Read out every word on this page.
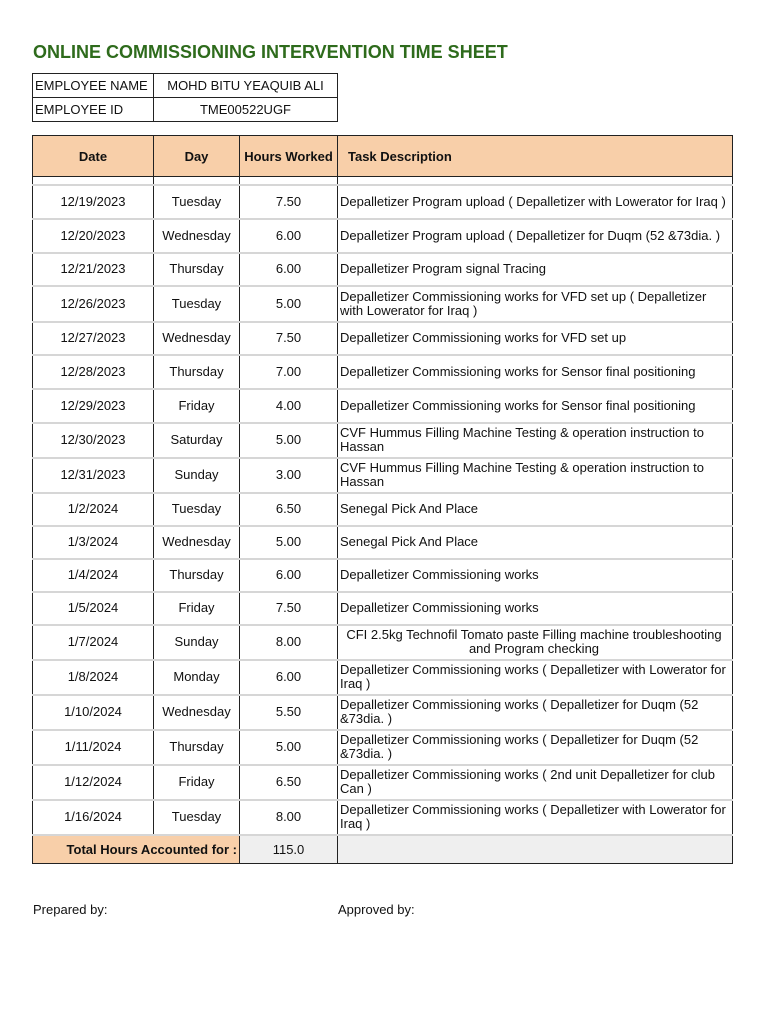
ONLINE COMMISSIONING INTERVENTION TIME SHEET
EMPLOYEE NAME	MOHD BITU YEAQUIB ALI
EMPLOYEE ID	TME00522UGF
Date	Day	Hours Worked	Task Description

12/19/2023	Tuesday	7.50	Depalletizer Program upload ( Depalletizer with Lowerator for Iraq )
12/20/2023	Wednesday	6.00	Depalletizer Program upload ( Depalletizer for Duqm (52 &73dia. )
12/21/2023	Thursday	6.00	Depalletizer Program signal Tracing
12/26/2023	Tuesday	5.00	Depalletizer Commissioning works for VFD set up ( Depalletizer with Lowerator for Iraq )
12/27/2023	Wednesday	7.50	Depalletizer Commissioning works for VFD set up
12/28/2023	Thursday	7.00	Depalletizer Commissioning works for Sensor final positioning
12/29/2023	Friday	4.00	Depalletizer Commissioning works for Sensor final positioning
12/30/2023	Saturday	5.00	CVF Hummus Filling Machine Testing & operation instruction to Hassan
12/31/2023	Sunday	3.00	CVF Hummus Filling Machine Testing & operation instruction to Hassan
1/2/2024	Tuesday	6.50	Senegal Pick And Place
1/3/2024	Wednesday	5.00	Senegal Pick And Place
1/4/2024	Thursday	6.00	Depalletizer Commissioning works
1/5/2024	Friday	7.50	Depalletizer Commissioning works
1/7/2024	Sunday	8.00	CFI 2.5kg Technofil Tomato paste Filling machine troubleshooting and Program checking
1/8/2024	Monday	6.00	Depalletizer Commissioning works ( Depalletizer with Lowerator for Iraq )
1/10/2024	Wednesday	5.50	Depalletizer Commissioning works ( Depalletizer for Duqm (52 &73dia. )
1/11/2024	Thursday	5.00	Depalletizer Commissioning works ( Depalletizer for Duqm (52 &73dia. )
1/12/2024	Friday	6.50	Depalletizer Commissioning works ( 2nd unit Depalletizer for club Can )
1/16/2024	Tuesday	8.00	Depalletizer Commissioning works ( Depalletizer with Lowerator for Iraq )
Total Hours Accounted for :		115.0	
Prepared by:	Approved by:
